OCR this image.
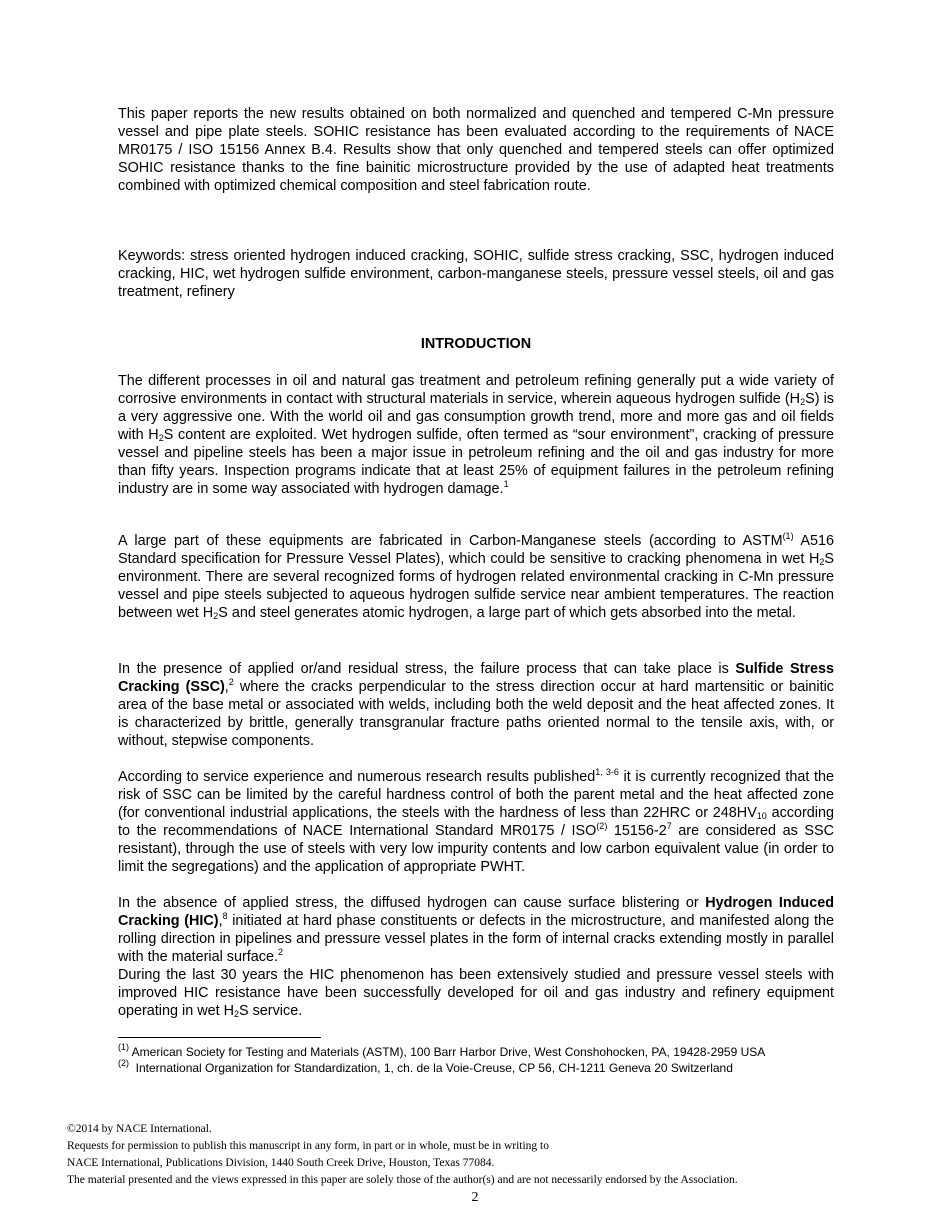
This paper reports the new results obtained on both normalized and quenched and tempered C-Mn pressure vessel and pipe plate steels. SOHIC resistance has been evaluated according to the requirements of NACE MR0175 / ISO 15156 Annex B.4. Results show that only quenched and tempered steels can offer optimized SOHIC resistance thanks to the fine bainitic microstructure provided by the use of adapted heat treatments combined with optimized chemical composition and steel fabrication route.
Keywords: stress oriented hydrogen induced cracking, SOHIC, sulfide stress cracking, SSC, hydrogen induced cracking, HIC, wet hydrogen sulfide environment, carbon-manganese steels, pressure vessel steels, oil and gas treatment, refinery
INTRODUCTION
The different processes in oil and natural gas treatment and petroleum refining generally put a wide variety of corrosive environments in contact with structural materials in service, wherein aqueous hydrogen sulfide $(H_2S)$ is a very aggressive one. With the world oil and gas consumption growth trend, more and more gas and oil fields with $H_2S$ content are exploited. Wet hydrogen sulfide, often termed as “sour environment”, cracking of pressure vessel and pipeline steels has been a major issue in petroleum refining and the oil and gas industry for more than fifty years. Inspection programs indicate that at least 25% of equipment failures in the petroleum refining industry are in some way associated with hydrogen damage.$^1$
A large part of these equipments are fabricated in Carbon-Manganese steels (according to ASTM$^{(1)}$ A516 Standard specification for Pressure Vessel Plates), which could be sensitive to cracking phenomena in wet $H_2S$ environment. There are several recognized forms of hydrogen related environmental cracking in C-Mn pressure vessel and pipe steels subjected to aqueous hydrogen sulfide service near ambient temperatures. The reaction between wet $H_2S$ and steel generates atomic hydrogen, a large part of which gets absorbed into the metal.
In the presence of applied or/and residual stress, the failure process that can take place is Sulfide Stress Cracking (SSC),$^2$ where the cracks perpendicular to the stress direction occur at hard martensitic or bainitic area of the base metal or associated with welds, including both the weld deposit and the heat affected zones. It is characterized by brittle, generally transgranular fracture paths oriented normal to the tensile axis, with, or without, stepwise components.
According to service experience and numerous research results published$^{1, 3-6}$ it is currently recognized that the risk of SSC can be limited by the careful hardness control of both the parent metal and the heat affected zone (for conventional industrial applications, the steels with the hardness of less than 22HRC or $248HV_{10}$ according to the recommendations of NACE International Standard MR0175 / ISO$^{(2)}$ $15156-2^7$ are considered as SSC resistant), through the use of steels with very low impurity contents and low carbon equivalent value (in order to limit the segregations) and the application of appropriate PWHT.
In the absence of applied stress, the diffused hydrogen can cause surface blistering or Hydrogen Induced Cracking (HIC),$^8$ initiated at hard phase constituents or defects in the microstructure, and manifested along the rolling direction in pipelines and pressure vessel plates in the form of internal cracks extending mostly in parallel with the material surface.$^2$
During the last 30 years the HIC phenomenon has been extensively studied and pressure vessel steels with improved HIC resistance have been successfully developed for oil and gas industry and refinery equipment operating in wet $H_2S$ service.
$^{(1)}$ American Society for Testing and Materials (ASTM), 100 Barr Harbor Drive, West Conshohocken, PA, 19428-2959 USA
$^{(2)}$  International Organization for Standardization, 1, ch. de la Voie-Creuse, CP 56, CH-1211 Geneva 20 Switzerland
©2014 by NACE International.
Requests for permission to publish this manuscript in any form, in part or in whole, must be in writing to
NACE International, Publications Division, 1440 South Creek Drive, Houston, Texas 77084.
The material presented and the views expressed in this paper are solely those of the author(s) and are not necessarily endorsed by the Association.
2
